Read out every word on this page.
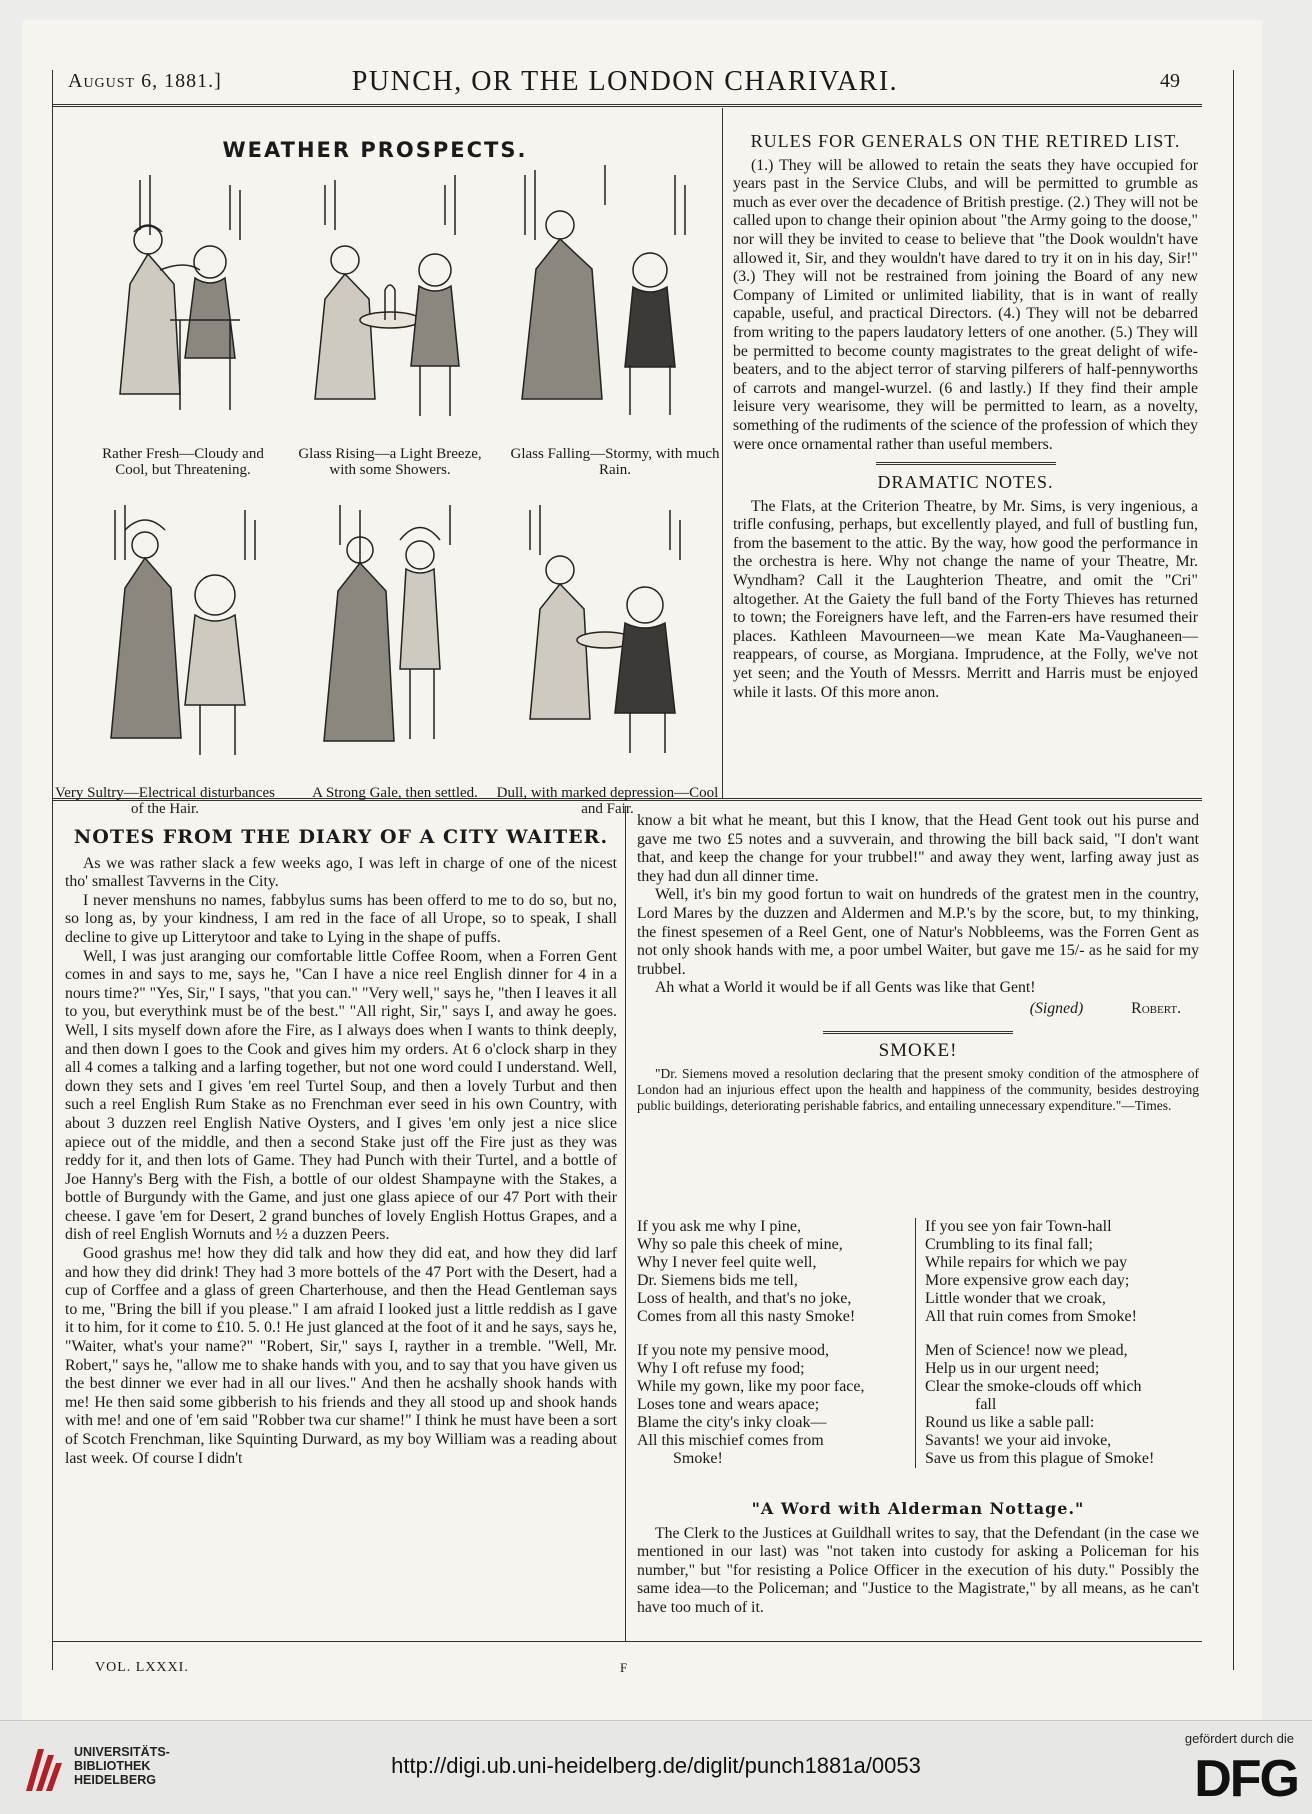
August 6, 1881.]	PUNCH, OR THE LONDON CHARIVARI.	49
WEATHER PROSPECTS.
Rather Fresh—Cloudy and Cool, but Threatening.
Glass Rising—a Light Breeze, with some Showers.
Glass Falling—Stormy, with much Rain.
Very Sultry—Electrical disturbances of the Hair.
A Strong Gale, then settled.	Dull, with marked depression—Cool and Fair.
RULES FOR GENERALS ON THE RETIRED LIST.

(1.) They will be allowed to retain the seats they have occupied for years past in the Service Clubs, and will be permitted to grumble as much as ever over the decadence of British prestige. (2.) They will not be called upon to change their opinion about "the Army going to the doose," nor will they be invited to cease to believe that "the Dook wouldn't have allowed it, Sir, and they wouldn't have dared to try it on in his day, Sir!" (3.) They will not be restrained from joining the Board of any new Company of Limited or unlimited liability, that is in want of really capable, useful, and practical Directors. (4.) They will not be debarred from writing to the papers laudatory letters of one another. (5.) They will be permitted to become county magistrates to the great delight of wife-beaters, and to the abject terror of starving pilferers of half-pennyworths of carrots and mangel-wurzel. (6 and lastly.) If they find their ample leisure very wearisome, they will be permitted to learn, as a novelty, something of the rudiments of the science of the profession of which they were once ornamental rather than useful members.

DRAMATIC NOTES.

The Flats, at the Criterion Theatre, by Mr. Sims, is very ingenious, a trifle confusing, perhaps, but excellently played, and full of bustling fun, from the basement to the attic. By the way, how good the performance in the orchestra is here. Why not change the name of your Theatre, Mr. Wyndham? Call it the Laughterion Theatre, and omit the "Cri" altogether. At the Gaiety the full band of the Forty Thieves has returned to town; the Foreigners have left, and the Farren-ers have resumed their places. Kathleen Mavourneen—we mean Kate Ma-Vaughaneen—reappears, of course, as Morgiana. Imprudence, at the Folly, we've not yet seen; and the Youth of Messrs. Merritt and Harris must be enjoyed while it lasts. Of this more anon.

NOTES FROM THE DIARY OF A CITY WAITER.

As we was rather slack a few weeks ago, I was left in charge of one of the nicest tho' smallest Tavverns in the City.

I never menshuns no names, fabbylus sums has been offerd to me to do so, but no, so long as, by your kindness, I am red in the face of all Urope, so to speak, I shall decline to give up Litterytoor and take to Lying in the shape of puffs.

Well, I was just aranging our comfortable little Coffee Room, when a Forren Gent comes in and says to me, says he, "Can I have a nice reel English dinner for 4 in a nours time?" "Yes, Sir," I says, "that you can." "Very well," says he, "then I leaves it all to you, but everythink must be of the best." "All right, Sir," says I, and away he goes. Well, I sits myself down afore the Fire, as I always does when I wants to think deeply, and then down I goes to the Cook and gives him my orders. At 6 o'clock sharp in they all 4 comes a talking and a larfing together, but not one word could I understand. Well, down they sets and I gives 'em reel Turtel Soup, and then a lovely Turbut and then such a reel English Rum Stake as no Frenchman ever seed in his own Country, with about 3 duzzen reel English Native Oysters, and I gives 'em only jest a nice slice apiece out of the middle, and then a second Stake just off the Fire just as they was reddy for it, and then lots of Game. They had Punch with their Turtel, and a bottle of Joe Hanny's Berg with the Fish, a bottle of our oldest Shampayne with the Stakes, a bottle of Burgundy with the Game, and just one glass apiece of our 47 Port with their cheese. I gave 'em for Desert, 2 grand bunches of lovely English Hottus Grapes, and a dish of reel English Wornuts and ½ a duzzen Peers.

Good grashus me! how they did talk and how they did eat, and how they did larf and how they did drink! They had 3 more bottels of the 47 Port with the Desert, had a cup of Corffee and a glass of green Charterhouse, and then the Head Gentleman says to me, "Bring the bill if you please." I am afraid I looked just a little reddish as I gave it to him, for it come to £10. 5. 0.! He just glanced at the foot of it and he says, says he, "Waiter, what's your name?" "Robert, Sir," says I, rayther in a tremble. "Well, Mr. Robert," says he, "allow me to shake hands with you, and to say that you have given us the best dinner we ever had in all our lives." And then he acshally shook hands with me! He then said some gibberish to his friends and they all stood up and shook hands with me! and one of 'em said "Robber twa cur shame!" I think he must have been a sort of Scotch Frenchman, like Squinting Durward, as my boy William was a reading about last week. Of course I didn't

know a bit what he meant, but this I know, that the Head Gent took out his purse and gave me two £5 notes and a suvverain, and throwing the bill back said, "I don't want that, and keep the change for your trubbel!" and away they went, larfing away just as they had dun all dinner time.

Well, it's bin my good fortun to wait on hundreds of the gratest men in the country, Lord Mares by the duzzen and Aldermen and M.P.'s by the score, but, to my thinking, the finest spesemen of a Reel Gent, one of Natur's Nobbleems, was the Forren Gent as not only shook hands with me, a poor umbel Waiter, but gave me 15/- as he said for my trubbel.

Ah what a World it would be if all Gents was like that Gent!

(Signed)	Robert.
SMOKE!

"Dr. Siemens moved a resolution declaring that the present smoky condition of the atmosphere of London had an injurious effect upon the health and happiness of the community, besides destroying public buildings, deteriorating perishable fabrics, and entailing unnecessary expenditure."—Times.

If you ask me why I pine,
Why so pale this cheek of mine,
Why I never feel quite well,
Dr. Siemens bids me tell,
Loss of health, and that's no joke,
Comes from all this nasty Smoke!
If you note my pensive mood,
Why I oft refuse my food;
While my gown, like my poor face,
Loses tone and wears apace;
Blame the city's inky cloak—
All this mischief comes from
Smoke!
If you see yon fair Town-hall
Crumbling to its final fall;
While repairs for which we pay
More expensive grow each day;
Little wonder that we croak,
All that ruin comes from Smoke!
Men of Science! now we plead,
Help us in our urgent need;
Clear the smoke-clouds off which
fall
Round us like a sable pall:
Savants! we your aid invoke,
Save us from this plague of Smoke!
"A Word with Alderman Nottage."

The Clerk to the Justices at Guildhall writes to say, that the Defendant (in the case we mentioned in our last) was "not taken into custody for asking a Policeman for his number," but "for resisting a Police Officer in the execution of his duty." Possibly the same idea—to the Policeman; and "Justice to the Magistrate," by all means, as he can't have too much of it.

VOL. LXXXI.	F
UNIVERSITÄTS-
BIBLIOTHEK
HEIDELBERG
http://digi.ub.uni-heidelberg.de/diglit/punch1881a/0053
gefördert durch die
DFG
